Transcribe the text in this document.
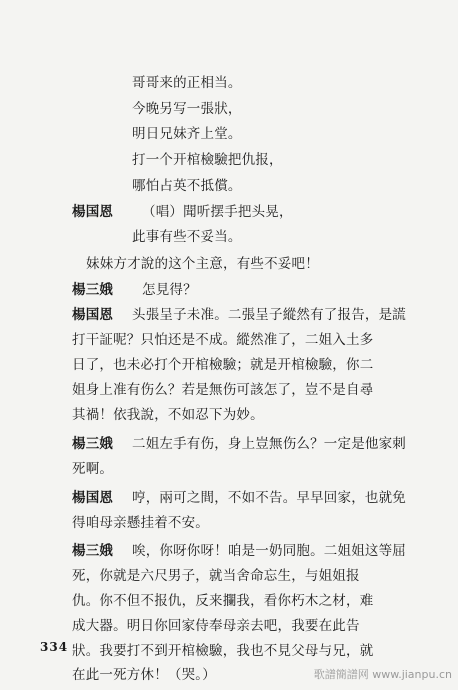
哥哥来的正相当。
今晚另写一張狀，
明日兄妹齐上堂。
打一个开棺檢驗把仇报，
哪怕占英不抵償。
楊国恩 （唱）聞听摆手把头晃，
此事有些不妥当。
妹妹方才說的这个主意，有些不妥吧！
楊三娥 怎見得？
楊国恩 头張呈子未准。二張呈子縱然有了报告，是謊
打干証呢？只怕还是不成。縱然准了，二姐入土多
日了，也未必打个开棺檢驗；就是开棺檢驗，你二
姐身上准有伤么？若是無伤可該怎了，豈不是自尋
其禍！依我說，不如忍下为妙。
楊三娥 二姐左手有伤，身上豈無伤么？一定是他家刺
死啊。
楊国恩 哼，兩可之間，不如不告。早早回家，也就免
得咱母亲懸挂着不安。
楊三娥 唉，你呀你呀！咱是一奶同胞。二姐姐这等屈
死，你就是六尺男子，就当舍命忘生，与姐姐报
仇。你不但不报仇，反来攔我，看你朽木之材，难
成大器。明日你回家侍奉母亲去吧，我要在此告
狀。我要打不到开棺檢驗，我也不見父母与兄，就
在此一死方休！（哭。）
334
歌譜簡譜网 www.jianpu.cn
